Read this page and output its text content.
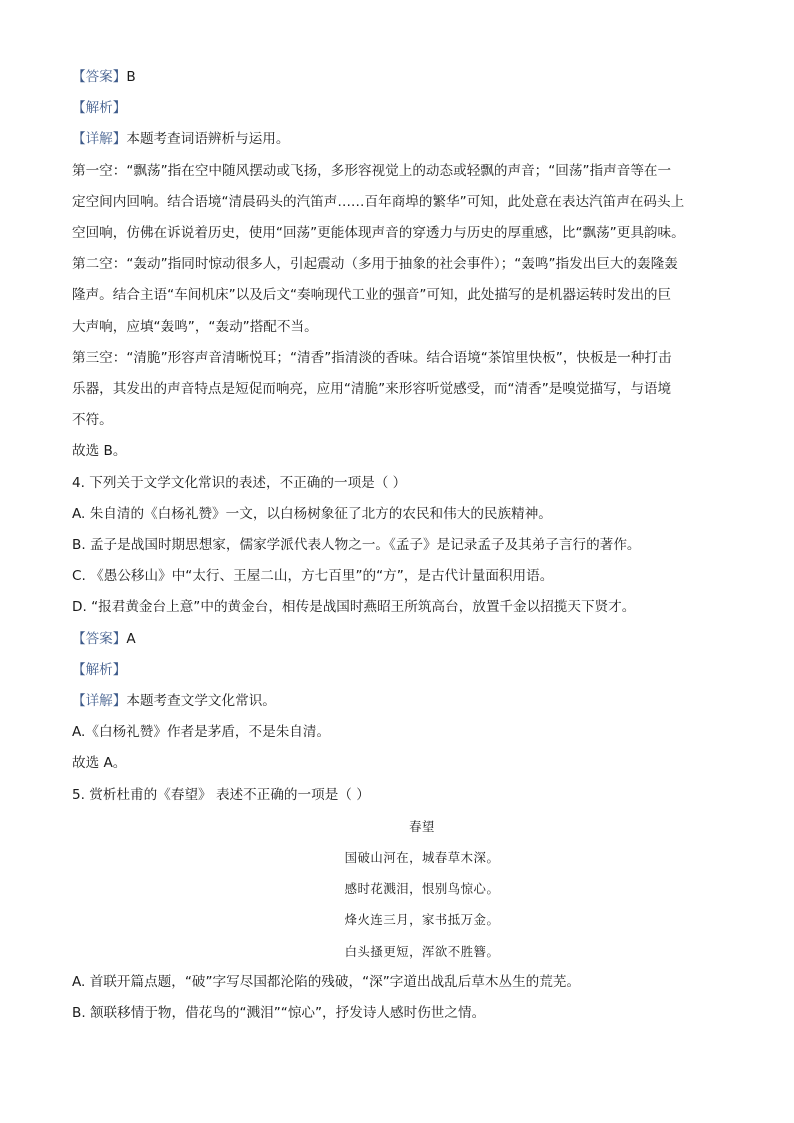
【答案】B
【解析】
【详解】本题考查词语辨析与运用。
第一空：“飘荡”指在空中随风摆动或飞扬，多形容视觉上的动态或轻飘的声音；“回荡”指声音等在一
定空间内回响。结合语境“清晨码头的汽笛声……百年商埠的繁华”可知，此处意在表达汽笛声在码头上
空回响，仿佛在诉说着历史，使用“回荡”更能体现声音的穿透力与历史的厚重感，比“飘荡”更具韵味。
第二空：“轰动”指同时惊动很多人，引起震动（多用于抽象的社会事件）；“轰鸣”指发出巨大的轰隆轰
隆声。结合主语“车间机床”以及后文“奏响现代工业的强音”可知，此处描写的是机器运转时发出的巨
大声响，应填“轰鸣”，“轰动”搭配不当。
第三空：“清脆”形容声音清晰悦耳；“清香”指清淡的香味。结合语境“茶馆里快板”，快板是一种打击
乐器，其发出的声音特点是短促而响亮，应用“清脆”来形容听觉感受，而“清香”是嗅觉描写，与语境
不符。
故选 B。
4. 下列关于文学文化常识的表述，不正确的一项是（ ）
A. 朱自清的《白杨礼赞》一文，以白杨树象征了北方的农民和伟大的民族精神。
B. 孟子是战国时期思想家，儒家学派代表人物之一。《孟子》是记录孟子及其弟子言行的著作。
C. 《愚公移山》中“太行、王屋二山，方七百里”的“方”，是古代计量面积用语。
D. “报君黄金台上意”中的黄金台，相传是战国时燕昭王所筑高台，放置千金以招揽天下贤才。
【答案】A
【解析】
【详解】本题考查文学文化常识。
A.《白杨礼赞》作者是茅盾，不是朱自清。
故选 A。
5. 赏析杜甫的《春望》 表述不正确的一项是（ ）
春望
国破山河在，城春草木深。
感时花溅泪，恨别鸟惊心。
烽火连三月，家书抵万金。
白头搔更短，浑欲不胜簪。
A. 首联开篇点题，“破”字写尽国都沦陷的残破，“深”字道出战乱后草木丛生的荒芜。
B. 颔联移情于物，借花鸟的“溅泪”“惊心”，抒发诗人感时伤世之情。
